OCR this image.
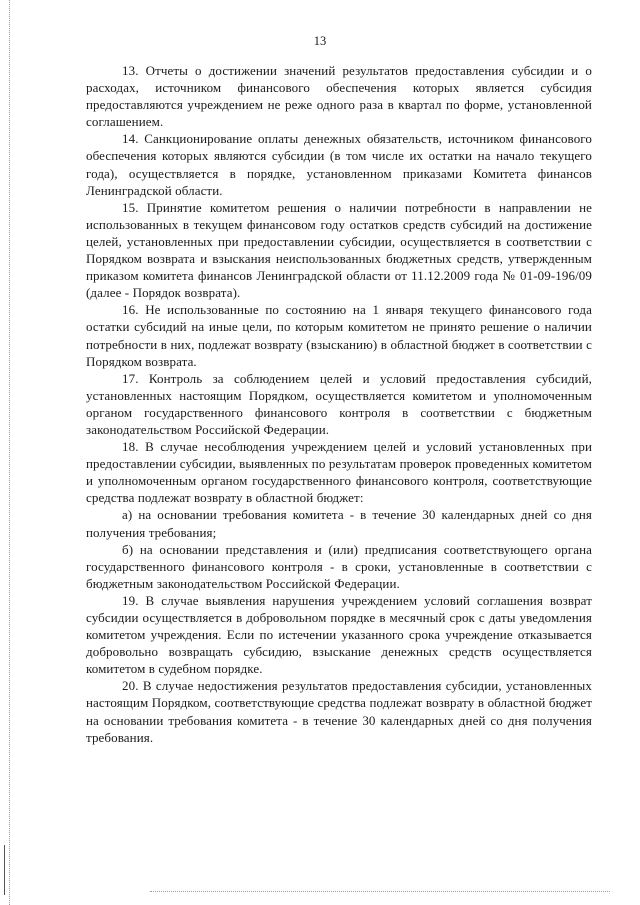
13

13. Отчеты о достижении значений результатов предоставления субсидии и о расходах, источником финансового обеспечения которых является субсидия предоставляются учреждением не реже одного раза в квартал по форме, установленной соглашением.

14. Санкционирование оплаты денежных обязательств, источником финансового обеспечения которых являются субсидии (в том числе их остатки на начало текущего года), осуществляется в порядке, установленном приказами Комитета финансов Ленинградской области.

15. Принятие комитетом решения о наличии потребности в направлении не использованных в текущем финансовом году остатков средств субсидий на достижение целей, установленных при предоставлении субсидии, осуществляется в соответствии с Порядком возврата и взыскания неиспользованных бюджетных средств, утвержденным приказом комитета финансов Ленинградской области от 11.12.2009 года № 01-09-196/09 (далее - Порядок возврата).

16. Не использованные по состоянию на 1 января текущего финансового года остатки субсидий на иные цели, по которым комитетом не принято решение о наличии потребности в них, подлежат возврату (взысканию) в областной бюджет в соответствии с Порядком возврата.

17. Контроль за соблюдением целей и условий предоставления субсидий, установленных настоящим Порядком, осуществляется комитетом и уполномоченным органом государственного финансового контроля в соответствии с бюджетным законодательством Российской Федерации.

18. В случае несоблюдения учреждением целей и условий установленных при предоставлении субсидии, выявленных по результатам проверок проведенных комитетом и уполномоченным органом государственного финансового контроля, соответствующие средства подлежат возврату в областной бюджет:

а) на основании требования комитета - в течение 30 календарных дней со дня получения требования;

б) на основании представления и (или) предписания соответствующего органа государственного финансового контроля - в сроки, установленные в соответствии с бюджетным законодательством Российской Федерации.

19. В случае выявления нарушения учреждением условий соглашения возврат субсидии осуществляется в добровольном порядке в месячный срок с даты уведомления комитетом учреждения. Если по истечении указанного срока учреждение отказывается добровольно возвращать субсидию, взыскание денежных средств осуществляется комитетом в судебном порядке.

20. В случае недостижения результатов предоставления субсидии, установленных настоящим Порядком, соответствующие средства подлежат возврату в областной бюджет на основании требования комитета - в течение 30 календарных дней со дня получения требования.
